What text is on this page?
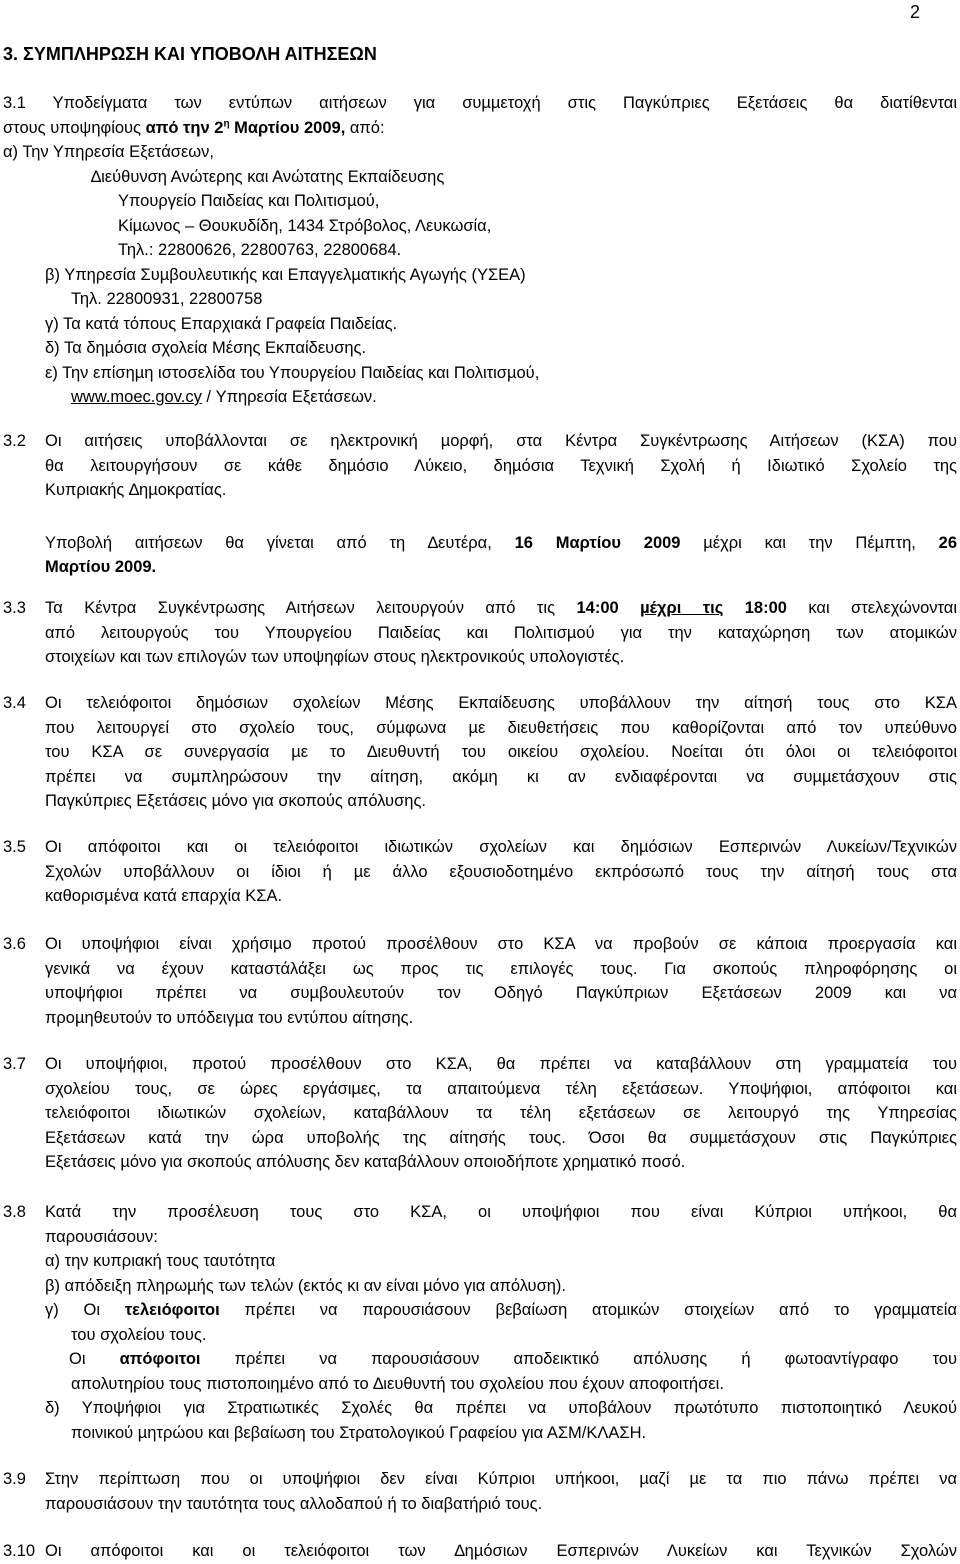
2
3. ΣΥΜΠΛΗΡΩΣΗ ΚΑΙ ΥΠΟΒΟΛΗ ΑΙΤΗΣΕΩΝ
3.1 Υποδείγµατα των εντύπων αιτήσεων για συµµετοχή στις Παγκύπριες Εξετάσεις θα διατίθενται
στους υποψηφίους από την $2^\eta$ Μαρτίου 2009, από:
α) Την Υπηρεσία Εξετάσεων,
∆ιεύθυνση Ανώτερης και Ανώτατης Εκπαίδευσης
Υπουργείο Παιδείας και Πολιτισµού,
Κίµωνος – Θουκυδίδη, 1434 Στρόβολος, Λευκωσία,
Τηλ.: 22800626, 22800763, 22800684.
β) Υπηρεσία Συµβουλευτικής και Επαγγελµατικής Αγωγής (ΥΣΕΑ)
Τηλ. 22800931, 22800758
γ) Τα κατά τόπους Επαρχιακά Γραφεία Παιδείας.
δ) Τα δηµόσια σχολεία Μέσης Εκπαίδευσης.
ε) Την επίσηµη ιστοσελίδα του Υπουργείου Παιδείας και Πολιτισµού,
www.moec.gov.cy / Υπηρεσία Εξετάσεων.
3.2 Οι αιτήσεις υποβάλλονται σε ηλεκτρονική µορφή, στα Κέντρα Συγκέντρωσης Αιτήσεων (ΚΣΑ) που
θα λειτουργήσουν σε κάθε δηµόσιο Λύκειο, δηµόσια Τεχνική Σχολή ή Ιδιωτικό Σχολείο της
Κυπριακής ∆ηµοκρατίας.
Υποβολή αιτήσεων θα γίνεται από τη ∆ευτέρα, 16 Μαρτίου 2009 µέχρι και την Πέµπτη, 26
Μαρτίου 2009.
3.3 Τα Κέντρα Συγκέντρωσης Αιτήσεων λειτουργούν από τις 14:00 µέχρι τις 18:00 και στελεχώνονται
από λειτουργούς του Υπουργείου Παιδείας και Πολιτισµού για την καταχώρηση των ατοµικών
στοιχείων και των επιλογών των υποψηφίων στους ηλεκτρονικούς υπολογιστές.
3.4 Οι τελειόφοιτοι δηµόσιων σχολείων Μέσης Εκπαίδευσης υποβάλλουν την αίτησή τους στο ΚΣΑ
που λειτουργεί στο σχολείο τους, σύµφωνα µε διευθετήσεις που καθορίζονται από τον υπεύθυνο
του ΚΣΑ σε συνεργασία µε το ∆ιευθυντή του οικείου σχολείου. Νοείται ότι όλοι οι τελειόφοιτοι
πρέπει να συµπληρώσουν την αίτηση, ακόµη κι αν ενδιαφέρονται να συµµετάσχουν στις
Παγκύπριες Εξετάσεις µόνο για σκοπούς απόλυσης.
3.5 Οι απόφοιτοι και οι τελειόφοιτοι ιδιωτικών σχολείων και δηµόσιων Εσπερινών Λυκείων/Τεχνικών
Σχολών υποβάλλουν οι ίδιοι ή µε άλλο εξουσιοδοτηµένο εκπρόσωπό τους την αίτησή τους στα
καθορισµένα κατά επαρχία ΚΣΑ.
3.6 Οι υποψήφιοι είναι χρήσιµο προτού προσέλθουν στο ΚΣΑ να προβούν σε κάποια προεργασία και
γενικά να έχουν καταστάλάξει ως προς τις επιλογές τους. Για σκοπούς πληροφόρησης οι
υποψήφιοι πρέπει να συµβουλευτούν τον Οδηγό Παγκύπριων Εξετάσεων 2009 και να
προµηθευτούν το υπόδειγµα του εντύπου αίτησης.
3.7 Οι υποψήφιοι, προτού προσέλθουν στο ΚΣΑ, θα πρέπει να καταβάλλουν στη γραµµατεία του
σχολείου τους, σε ώρες εργάσιµες, τα απαιτούµενα τέλη εξετάσεων. Υποψήφιοι, απόφοιτοι και
τελειόφοιτοι ιδιωτικών σχολείων, καταβάλλουν τα τέλη εξετάσεων σε λειτουργό της Υπηρεσίας
Εξετάσεων κατά την ώρα υποβολής της αίτησής τους. Όσοι θα συµµετάσχουν στις Παγκύπριες
Εξετάσεις µόνο για σκοπούς απόλυσης δεν καταβάλλουν οποιοδήποτε χρηµατικό ποσό.
3.8 Κατά την προσέλευση τους στο ΚΣΑ, οι υποψήφιοι που είναι Κύπριοι υπήκοοι, θα
παρουσιάσουν:
α) την κυπριακή τους ταυτότητα
β) απόδειξη πληρωµής των τελών (εκτός κι αν είναι µόνο για απόλυση).
γ) Οι τελειόφοιτοι πρέπει να παρουσιάσουν βεβαίωση ατοµικών στοιχείων από το γραµµατεία
του σχολείου τους.
Οι απόφοιτοι πρέπει να παρουσιάσουν αποδεικτικό απόλυσης ή φωτοαντίγραφο του
απολυτηρίου τους πιστοποιηµένο από το ∆ιευθυντή του σχολείου που έχουν αποφοιτήσει.
δ) Υποψήφιοι για Στρατιωτικές Σχολές θα πρέπει να υποβάλουν πρωτότυπο πιστοποιητικό Λευκού
ποινικού µητρώου και βεβαίωση του Στρατολογικού Γραφείου για ΑΣΜ/ΚΛΑΣΗ.
3.9 Στην περίπτωση που οι υποψήφιοι δεν είναι Κύπριοι υπήκοοι, µαζί µε τα πιο πάνω πρέπει να
παρουσιάσουν την ταυτότητα τους αλλοδαπού ή το διαβατήριό τους.
3.10 Οι απόφοιτοι και οι τελειόφοιτοι των ∆ηµόσιων Εσπερινών Λυκείων και Τεχνικών Σχολών
